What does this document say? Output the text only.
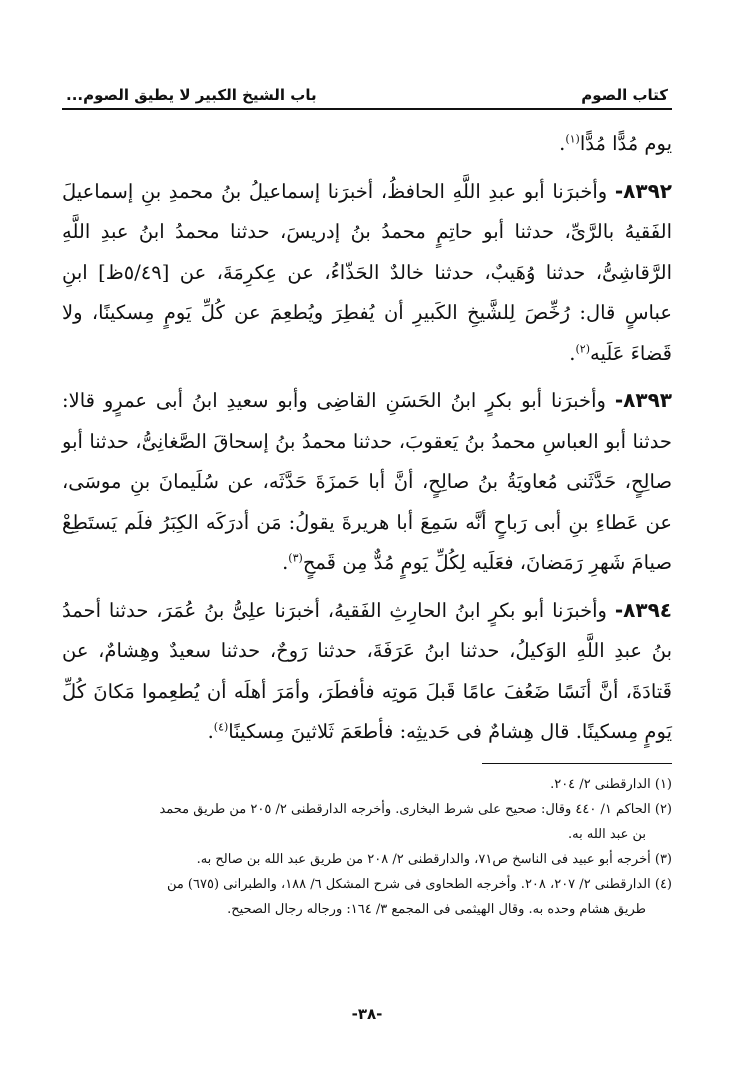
كتاب الصوم
باب الشيخ الكبير لا يطيق الصوم...

يوم مُدًّا مُدًّا$^{(١)}$.

٨٣٩٢- وأخبرَنا أبو عبدِ اللَّهِ الحافظُ، أخبرَنا إسماعيلُ بنُ محمدِ بنِ إسماعيلَ الفَقيهُ بالرَّىِّ، حدثنا أبو حاتِمٍ محمدُ بنُ إدريسَ، حدثنا محمدُ ابنُ عبدِ اللَّهِ الرَّقاشِىُّ، حدثنا وُهَيبٌ، حدثنا خالدٌ الحَذّاءُ، عن عِكرِمَةَ، عن [٥/٤٩ظ] ابنِ عباسٍ قال: رُخِّصَ لِلشَّيخِ الكَبيرِ أن يُفطِرَ ويُطعِمَ عن كُلِّ يَومٍ مِسكينًا، ولا قَضاءَ عَلَيه$^{(٢)}$.

٨٣٩٣- وأخبرَنا أبو بكرٍ ابنُ الحَسَنِ القاضِى وأبو سعيدِ ابنُ أبى عمرٍو قالا: حدثنا أبو العباسِ محمدُ بنُ يَعقوبَ، حدثنا محمدُ بنُ إسحاقَ الصَّغانِىُّ، حدثنا أبو صالِحٍ، حَدَّثَنى مُعاويَةُ بنُ صالِحٍ، أنَّ أبا حَمزَةَ حَدَّثَه، عن سُلَيمانَ بنِ موسَى، عن عَطاءِ بنِ أبى رَباحٍ أنَّه سَمِعَ أبا هريرةَ يقولُ: مَن أدرَكَه الكِبَرُ فلَم يَستَطِعْ صيامَ شَهرِ رَمَضانَ، فعَلَيه لِكُلِّ يَومٍ مُدٌّ مِن قَمحٍ$^{(٣)}$.

٨٣٩٤- وأخبرَنا أبو بكرٍ ابنُ الحارِثِ الفَقيهُ، أخبرَنا علِىُّ بنُ عُمَرَ، حدثنا أحمدُ بنُ عبدِ اللَّهِ الوَكيلُ، حدثنا ابنُ عَرَفَةَ، حدثنا رَوحٌ، حدثنا سعيدٌ وهِشامٌ، عن قَتادَةَ، أنَّ أنَسًا ضَعُفَ عامًا قَبلَ مَوتِه فأفطَرَ، وأمَرَ أهلَه أن يُطعِموا مَكانَ كُلِّ يَومٍ مِسكينًا. قال هِشامٌ فى حَديثِه: فأطعَمَ ثَلاثينَ مِسكينًا$^{(٤)}$.

(١) الدارقطنى ٢/ ٢٠٤.

(٢) الحاكم ١/ ٤٤٠ وقال: صحيح على شرط البخارى. وأخرجه الدارقطنى ٢/ ٢٠٥ من طريق محمد

بن عبد الله به.

(٣) أخرجه أبو عبيد فى الناسخ ص٧١، والدارقطنى ٢/ ٢٠٨ من طريق عبد الله بن صالح به.

(٤) الدارقطنى ٢/ ٢٠٧، ٢٠٨. وأخرجه الطحاوى فى شرح المشكل ٦/ ١٨٨، والطبرانى (٦٧٥) من

طريق هشام وحده به. وقال الهيثمى فى المجمع ٣/ ١٦٤: ورجاله رجال الصحيح.

-٣٨-
